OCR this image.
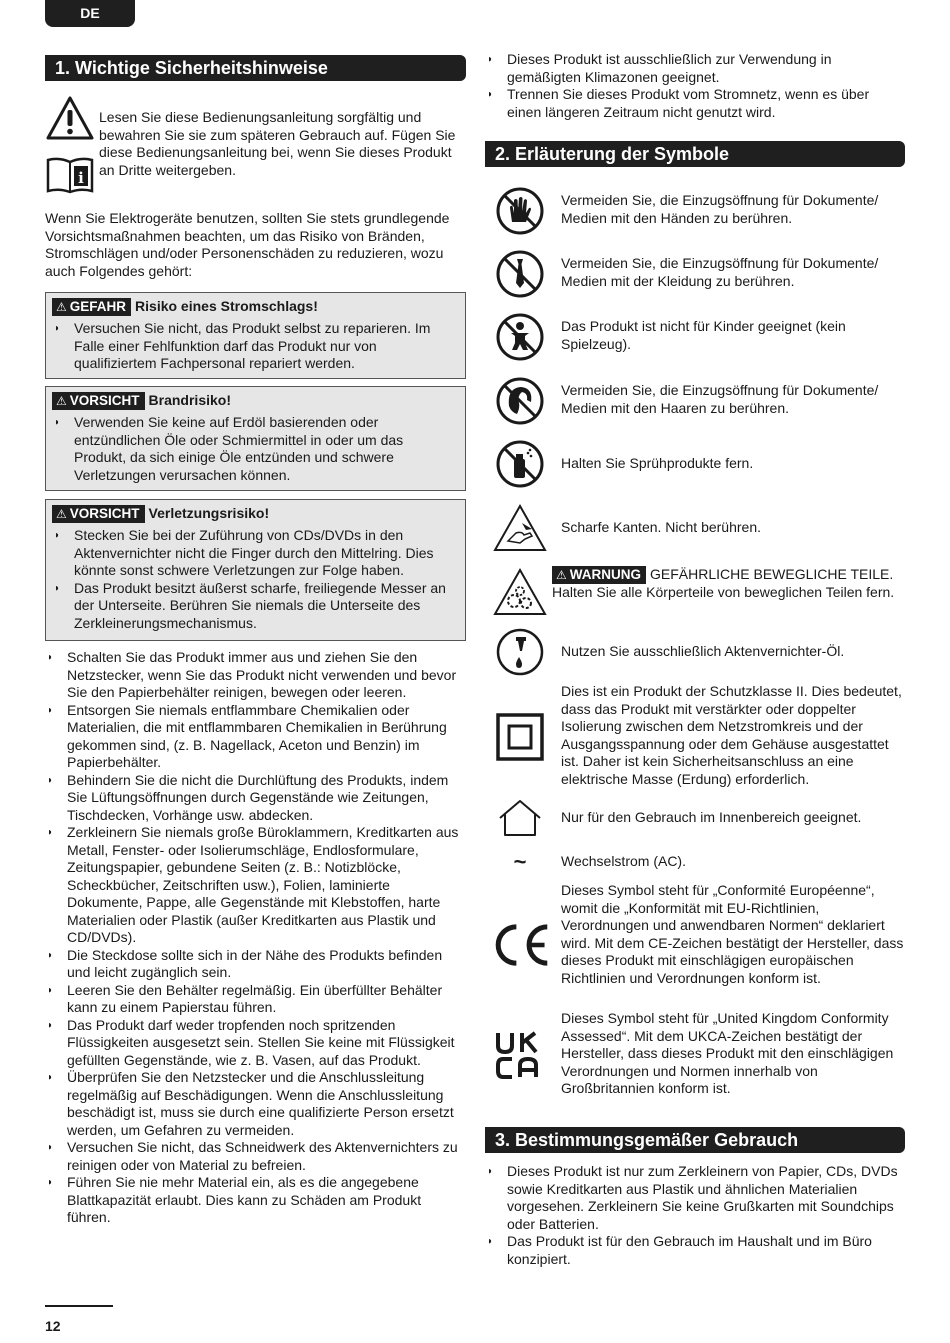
DE
1. Wichtige Sicherheitshinweise
i
Lesen Sie diese Bedienungsanleitung sorgfältig und bewahren Sie sie zum späteren Gebrauch auf. Fügen Sie diese Bedienungsanleitung bei, wenn Sie dieses Produkt an Dritte weitergeben.
Wenn Sie Elektrogeräte benutzen, sollten Sie stets grundlegende Vorsichtsmaßnahmen beachten, um das Risiko von Bränden, Stromschlägen und/oder Personenschäden zu reduzieren, wozu auch Folgendes gehört:
⚠ GEFAHR Risiko eines Stromschlags!
◗ Versuchen Sie nicht, das Produkt selbst zu reparieren. Im Falle einer Fehlfunktion darf das Produkt nur von qualifiziertem Fachpersonal repariert werden.
⚠ VORSICHT Brandrisiko!
◗ Verwenden Sie keine auf Erdöl basierenden oder entzündlichen Öle oder Schmiermittel in oder um das Produkt, da sich einige Öle entzünden und schwere Verletzungen verursachen können.
⚠ VORSICHT Verletzungsrisiko!
◗ Stecken Sie bei der Zuführung von CDs/DVDs in den Aktenvernichter nicht die Finger durch den Mittelring. Dies könnte sonst schwere Verletzungen zur Folge haben.
◗ Das Produkt besitzt äußerst scharfe, freiliegende Messer an der Unterseite. Berühren Sie niemals die Unterseite des Zerkleinerungsmechanismus.
◗ Schalten Sie das Produkt immer aus und ziehen Sie den Netzstecker, wenn Sie das Produkt nicht verwenden und bevor Sie den Papierbehälter reinigen, bewegen oder leeren.
◗ Entsorgen Sie niemals entflammbare Chemikalien oder Materialien, die mit entflammbaren Chemikalien in Berührung gekommen sind, (z. B. Nagellack, Aceton und Benzin) im Papierbehälter.
◗ Behindern Sie die nicht die Durchlüftung des Produkts, indem Sie Lüftungsöffnungen durch Gegenstände wie Zeitungen, Tischdecken, Vorhänge usw. abdecken.
◗ Zerkleinern Sie niemals große Büroklammern, Kreditkarten aus Metall, Fenster- oder Isolierumschläge, Endlosformulare, Zeitungspapier, gebundene Seiten (z. B.: Notizblöcke, Scheckbücher, Zeitschriften usw.), Folien, laminierte Dokumente, Pappe, alle Gegenstände mit Klebstoffen, harte Materialien oder Plastik (außer Kreditkarten aus Plastik und CD/DVDs).
◗ Die Steckdose sollte sich in der Nähe des Produkts befinden und leicht zugänglich sein.
◗ Leeren Sie den Behälter regelmäßig. Ein überfüllter Behälter kann zu einem Papierstau führen.
◗ Das Produkt darf weder tropfenden noch spritzenden Flüssigkeiten ausgesetzt sein. Stellen Sie keine mit Flüssigkeit gefüllten Gegenstände, wie z. B. Vasen, auf das Produkt.
◗ Überprüfen Sie den Netzstecker und die Anschlussleitung regelmäßig auf Beschädigungen. Wenn die Anschlussleitung beschädigt ist, muss sie durch eine qualifizierte Person ersetzt werden, um Gefahren zu vermeiden.
◗ Versuchen Sie nicht, das Schneidwerk des Aktenvernichters zu reinigen oder von Material zu befreien.
◗ Führen Sie nie mehr Material ein, als es die angegebene Blattkapazität erlaubt. Dies kann zu Schäden am Produkt führen.
◗ Dieses Produkt ist ausschließlich zur Verwendung in gemäßigten Klimazonen geeignet.
◗ Trennen Sie dieses Produkt vom Stromnetz, wenn es über einen längeren Zeitraum nicht genutzt wird.
2. Erläuterung der Symbole
Vermeiden Sie, die Einzugsöffnung für Dokumente/ Medien mit den Händen zu berühren.
Vermeiden Sie, die Einzugsöffnung für Dokumente/ Medien mit der Kleidung zu berühren.
Das Produkt ist nicht für Kinder geeignet (kein Spielzeug).
Vermeiden Sie, die Einzugsöffnung für Dokumente/ Medien mit den Haaren zu berühren.
Halten Sie Sprühprodukte fern.
Scharfe Kanten. Nicht berühren.
⚠ WARNUNG GEFÄHRLICHE BEWEGLICHE TEILE.
Halten Sie alle Körperteile von beweglichen Teilen fern.
Nutzen Sie ausschließlich Aktenvernichter-Öl.
Dies ist ein Produkt der Schutzklasse II. Dies bedeutet, dass das Produkt mit verstärkter oder doppelter Isolierung zwischen dem Netzstromkreis und der Ausgangsspannung oder dem Gehäuse ausgestattet ist. Daher ist kein Sicherheitsanschluss an eine elektrische Masse (Erdung) erforderlich.
Nur für den Gebrauch im Innenbereich geeignet.
~	Wechselstrom (AC).
Dieses Symbol steht für „Conformité Européenne“, womit die „Konformität mit EU-Richtlinien, Verordnungen und anwendbaren Normen“ deklariert wird. Mit dem CE-Zeichen bestätigt der Hersteller, dass dieses Produkt mit einschlägigen europäischen Richtlinien und Verordnungen konform ist.
Dieses Symbol steht für „United Kingdom Conformity Assessed“. Mit dem UKCA-Zeichen bestätigt der Hersteller, dass dieses Produkt mit den einschlägigen Verordnungen und Normen innerhalb von Großbritannien konform ist.
3. Bestimmungsgemäßer Gebrauch
◗ Dieses Produkt ist nur zum Zerkleinern von Papier, CDs, DVDs sowie Kreditkarten aus Plastik und ähnlichen Materialien vorgesehen. Zerkleinern Sie keine Grußkarten mit Soundchips oder Batterien.
◗ Das Produkt ist für den Gebrauch im Haushalt und im Büro konzipiert.
12
